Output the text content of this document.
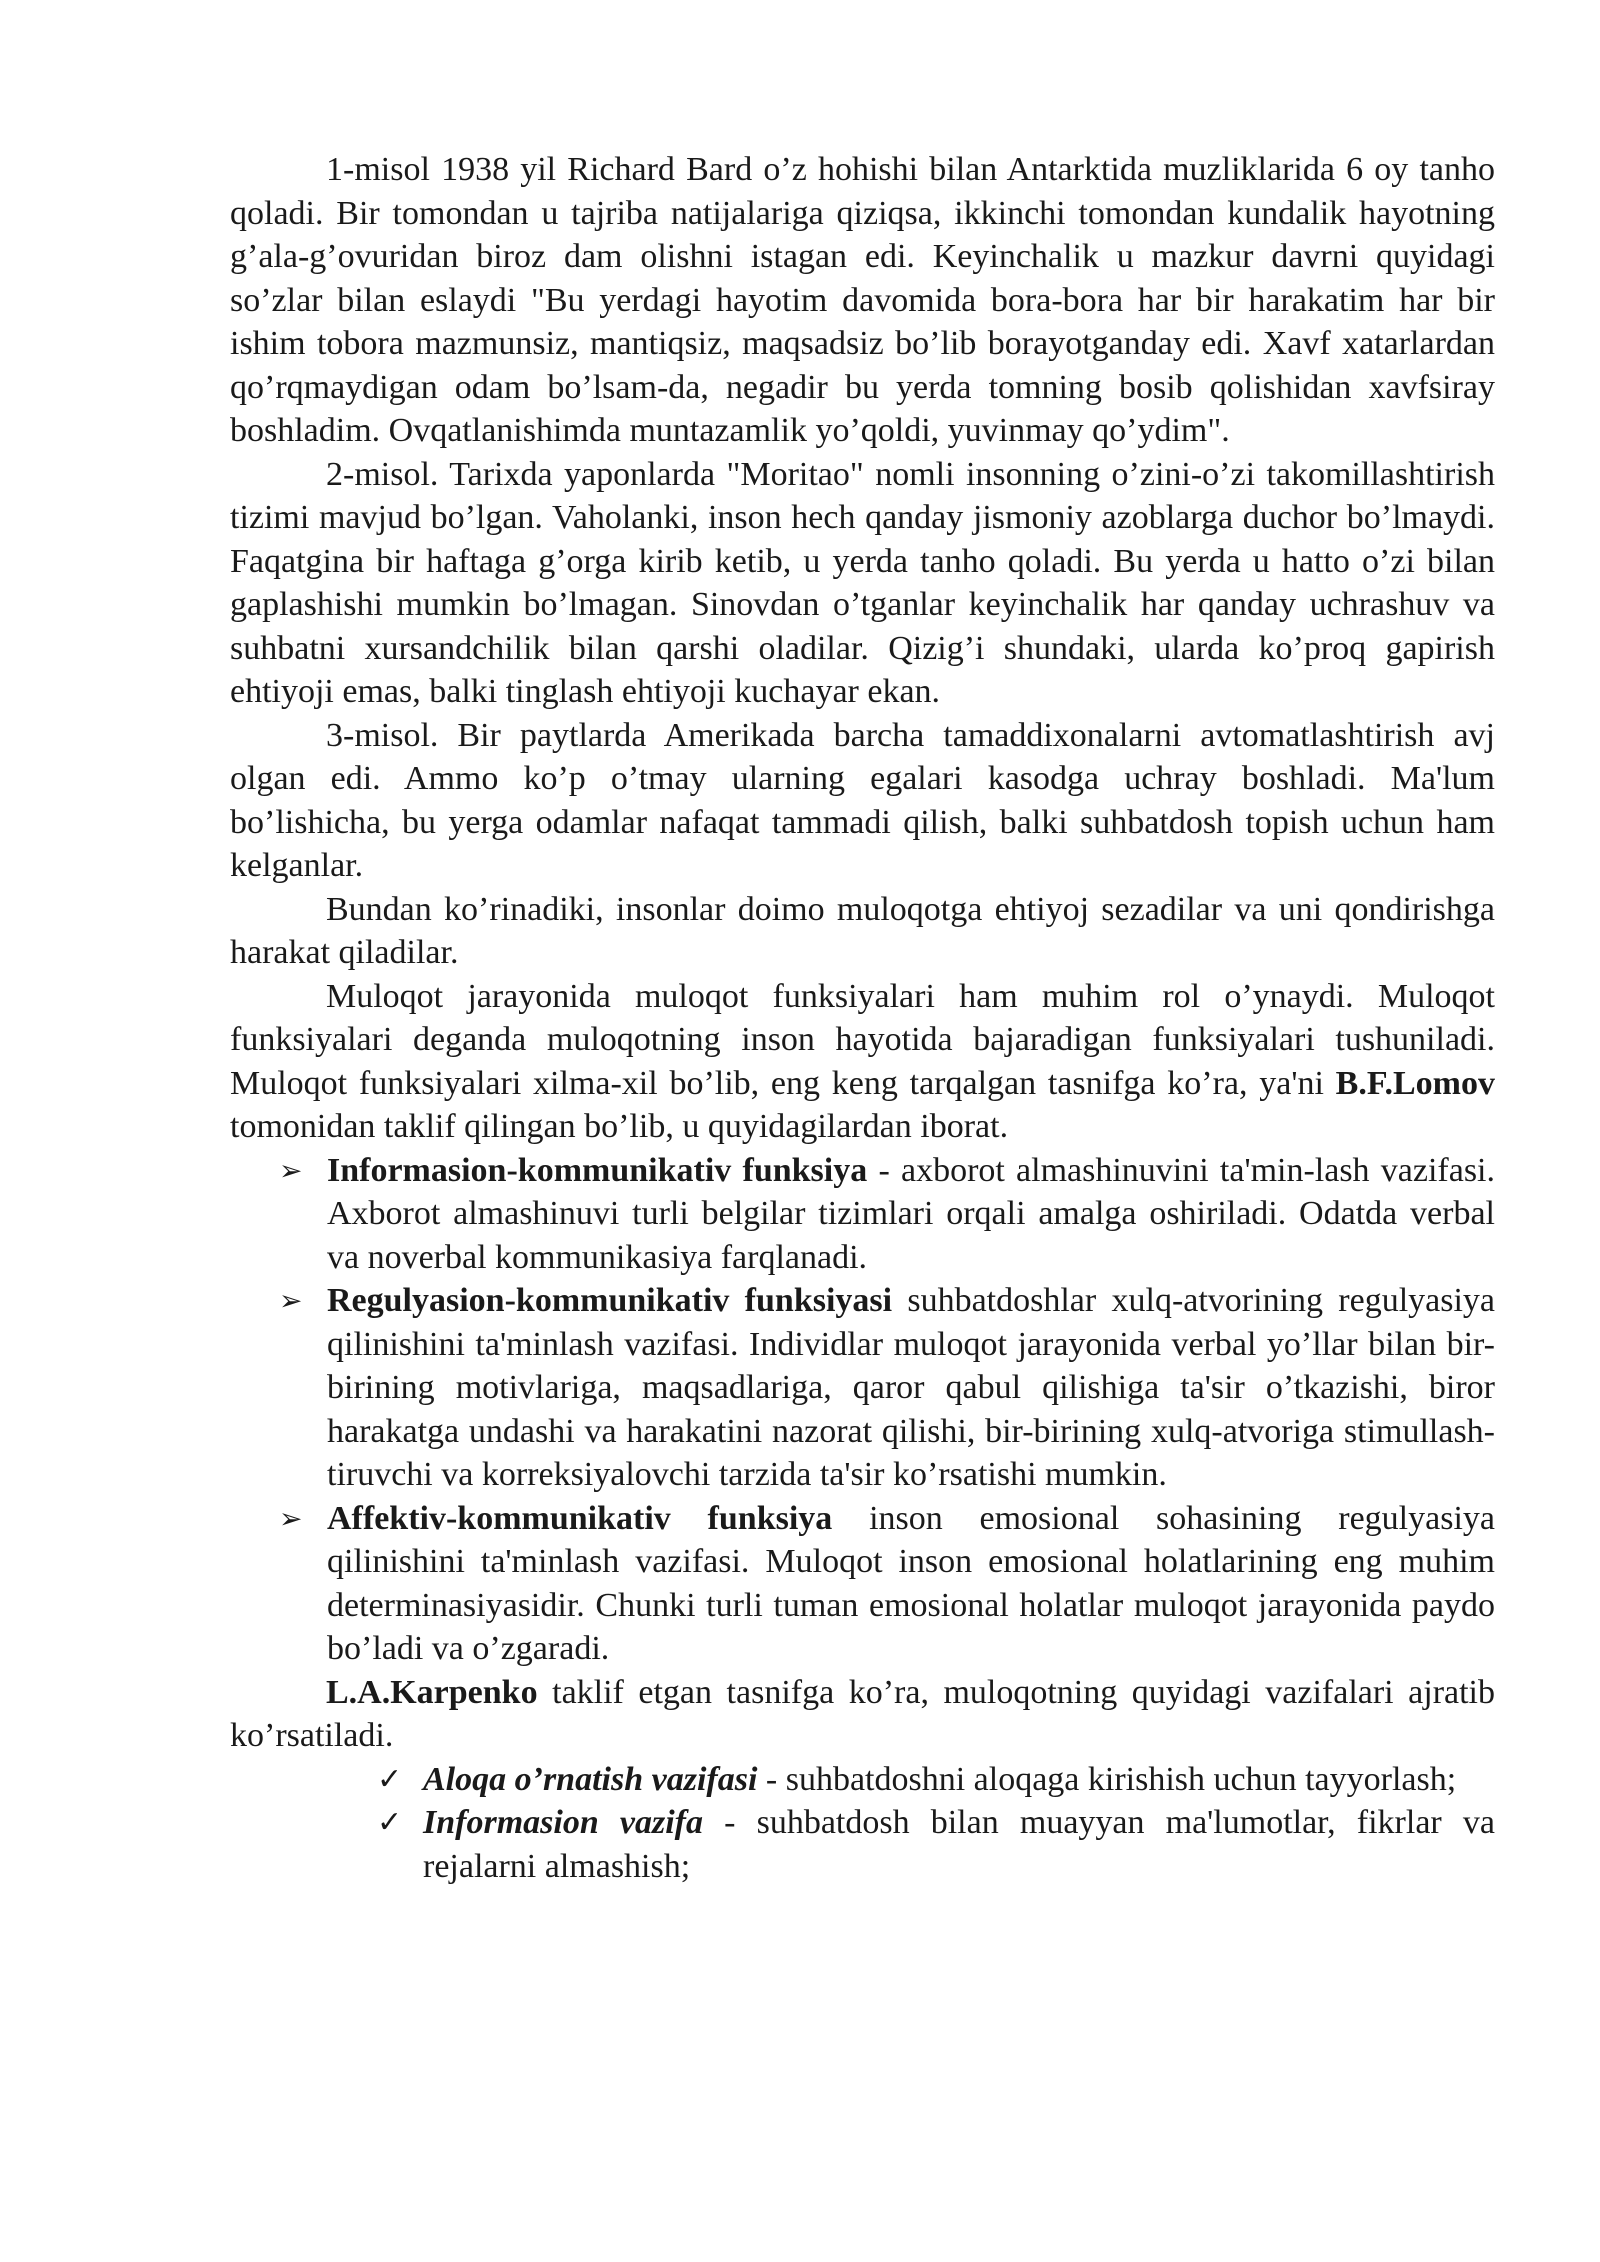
1-misol 1938 yil Richard Bard o’z hohishi bilan Antarktida muzliklarida 6 oy tanho qoladi. Bir tomondan u tajriba natijalariga qiziqsa, ikkinchi tomondan kundalik hayotning g’ala-g’ovuridan biroz dam olishni istagan edi. Keyinchalik u mazkur davrni quyidagi so’zlar bilan eslaydi "Bu yerdagi hayotim davomida bora-bora har bir harakatim har bir ishim tobora mazmunsiz, mantiqsiz, maqsadsiz bo’lib borayotganday edi. Xavf xatarlardan qo’rqmaydigan odam bo’lsam-da, negadir bu yerda tomning bosib qolishidan xavfsiray boshladim. Ovqatlanishimda muntazamlik yo’qoldi, yuvinmay qo’ydim".

2-misol. Tarixda yaponlarda "Moritao" nomli insonning o’zini-o’zi takomillashtirish tizimi mavjud bo’lgan. Vaholanki, inson hech qanday jismoniy azoblarga duchor bo’lmaydi. Faqatgina bir haftaga g’orga kirib ketib, u yerda tanho qoladi. Bu yerda u hatto o’zi bilan gaplashishi mumkin bo’lmagan. Sinovdan o’tganlar keyinchalik har qanday uchrashuv va suhbatni xursandchilik bilan qarshi oladilar. Qizig’i shundaki, ularda ko’proq gapirish ehtiyoji emas, balki tinglash ehtiyoji kuchayar ekan.

3-misol. Bir paytlarda Amerikada barcha tamaddixonalarni avtomatlashtirish avj olgan edi. Ammo ko’p o’tmay ularning egalari kasodga uchray boshladi. Ma'lum bo’lishicha, bu yerga odamlar nafaqat tammadi qilish, balki suhbatdosh topish uchun ham kelganlar.

Bundan ko’rinadiki, insonlar doimo muloqotga ehtiyoj sezadilar va uni qondirishga harakat qiladilar.

Muloqot jarayonida muloqot funksiyalari ham muhim rol o’ynaydi. Muloqot funksiyalari deganda muloqotning inson hayotida bajaradigan funksiyalari tushuniladi. Muloqot funksiyalari xilma-xil bo’lib, eng keng tarqalgan tasnifga ko’ra, ya'ni B.F.Lomov tomonidan taklif qilingan bo’lib, u quyidagilardan iborat.

➢ Informasion-kommunikativ funksiya - axborot almashinuvini ta'min-lash vazifasi. Axborot almashinuvi turli belgilar tizimlari orqali amalga oshiriladi. Odatda verbal va noverbal kommunikasiya farqlanadi.
➢ Regulyasion-kommunikativ funksiyasi suhbatdoshlar xulq-atvorining regulyasiya qilinishini ta'minlash vazifasi. Individlar muloqot jarayonida verbal yo’llar bilan bir-birining motivlariga, maqsadlariga, qaror qabul qilishiga ta'sir o’tkazishi, biror harakatga undashi va harakatini nazorat qilishi, bir-birining xulq-atvoriga stimullash-tiruvchi va korreksiyalovchi tarzida ta'sir ko’rsatishi mumkin.
➢ Affektiv-kommunikativ funksiya inson emosional sohasining regulyasiya qilinishini ta'minlash vazifasi. Muloqot inson emosional holatlarining eng muhim determinasiyasidir. Chunki turli tuman emosional holatlar muloqot jarayonida paydo bo’ladi va o’zgaradi.

L.A.Karpenko taklif etgan tasnifga ko’ra, muloqotning quyidagi vazifalari ajratib ko’rsatiladi.

✓ Aloqa o’rnatish vazifasi - suhbatdoshni aloqaga kirishish uchun tayyorlash;
✓ Informasion vazifa - suhbatdosh bilan muayyan ma'lumotlar, fikrlar va rejalarni almashish;
